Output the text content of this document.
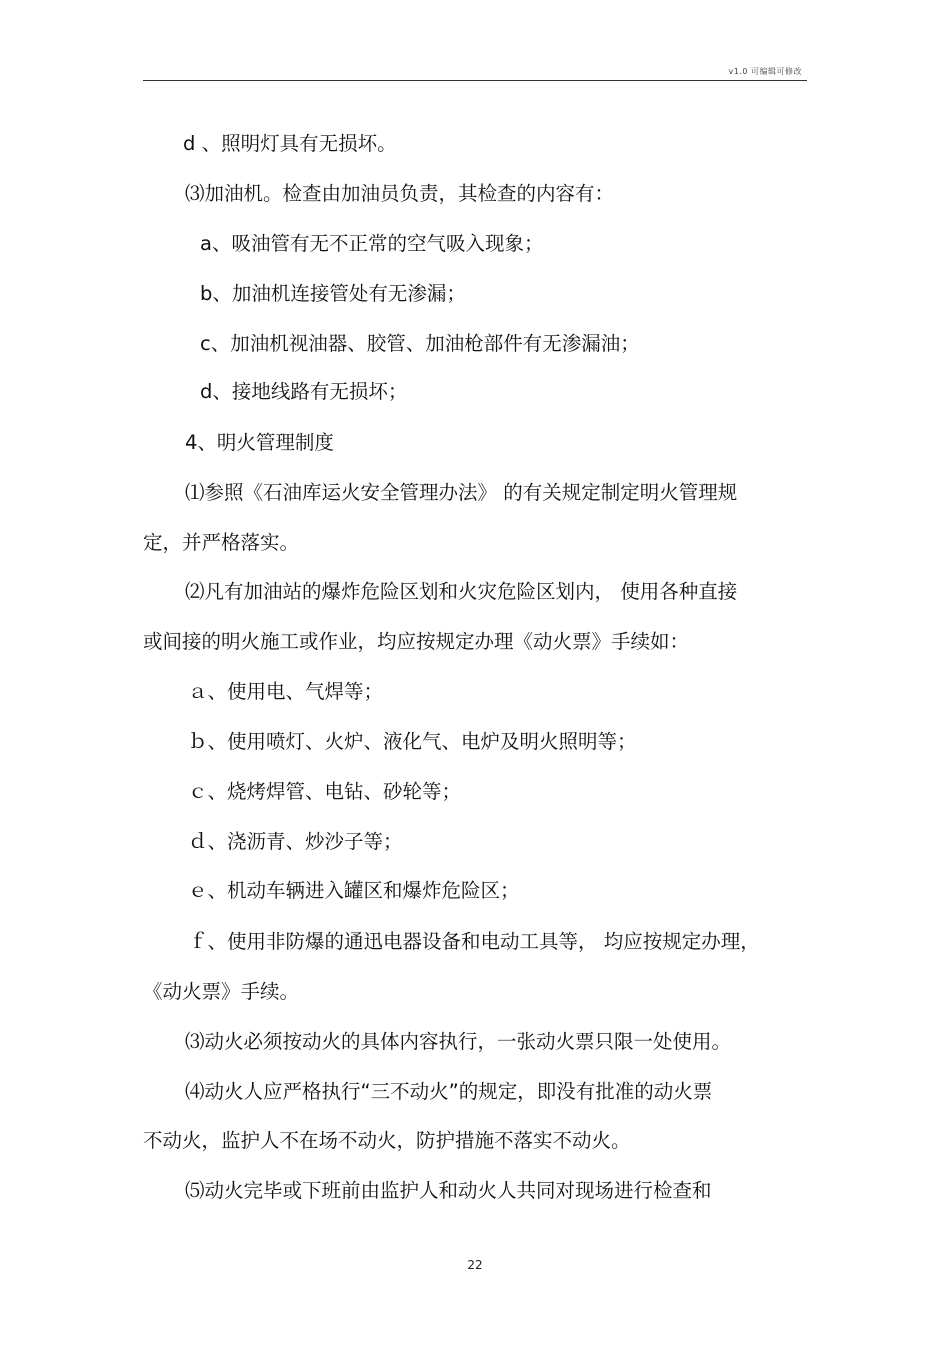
v1.0 可编辑可修改
d 、照明灯具有无损坏。
⑶加油机。检查由加油员负责，其检查的内容有：
a、吸油管有无不正常的空气吸入现象；
b、加油机连接管处有无渗漏；
c、加油机视油器、胶管、加油枪部件有无渗漏油；
d、接地线路有无损坏；
4、明火管理制度
⑴参照《石油库运火安全管理办法》 的有关规定制定明火管理规
定，并严格落实。
⑵凡有加油站的爆炸危险区划和火灾危险区划内， 使用各种直接
或间接的明火施工或作业，均应按规定办理《动火票》手续如：
ａ、使用电、气焊等；
ｂ、使用喷灯、火炉、液化气、电炉及明火照明等；
ｃ、烧烤焊管、电钻、砂轮等；
ｄ、浇沥青、炒沙子等；
ｅ、机动车辆进入罐区和爆炸危险区；
ｆ、使用非防爆的通迅电器设备和电动工具等， 均应按规定办理，
《动火票》手续。
⑶动火必须按动火的具体内容执行，一张动火票只限一处使用。
⑷动火人应严格执行“三不动火”的规定，即没有批准的动火票
不动火，监护人不在场不动火，防护措施不落实不动火。
⑸动火完毕或下班前由监护人和动火人共同对现场进行检查和
22
